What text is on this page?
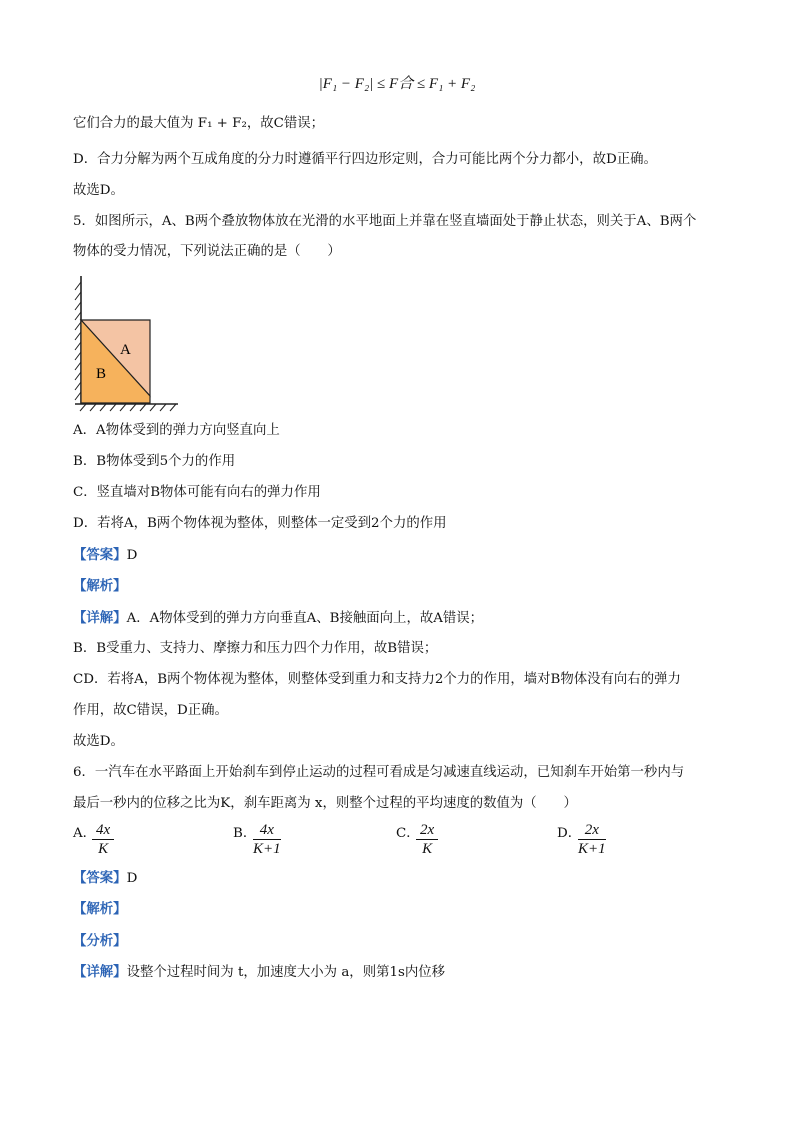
|F₁ − F₂| ≤ F合 ≤ F₁ + F₂
它们合力的最大值为 F₁ + F₂，故C错误；
D．合力分解为两个互成角度的分力时遵循平行四边形定则，合力可能比两个分力都小，故D正确。
故选D。
5．如图所示，A、B两个叠放物体放在光滑的水平地面上并靠在竖直墙面处于静止状态，则关于A、B两个
物体的受力情况，下列说法正确的是（　　）
A
B
A．A物体受到的弹力方向竖直向上
B．B物体受到5个力的作用
C．竖直墙对B物体可能有向右的弹力作用
D．若将A，B两个物体视为整体，则整体一定受到2个力的作用
【答案】D
【解析】
【详解】A．A物体受到的弹力方向垂直A、B接触面向上，故A错误；
B．B受重力、支持力、摩擦力和压力四个力作用，故B错误；
CD．若将A，B两个物体视为整体，则整体受到重力和支持力2个力的作用，墙对B物体没有向右的弹力
作用，故C错误，D正确。
故选D。
6．一汽车在水平路面上开始刹车到停止运动的过程可看成是匀减速直线运动，已知刹车开始第一秒内与
最后一秒内的位移之比为K，刹车距离为 x，则整个过程的平均速度的数值为（　　）
A．
$\frac{4x}{K}$	B．
$\frac{4x}{K+1}$	C．
$\frac{2x}{K}$	D．
$\frac{2x}{K+1}$
【答案】D
【解析】
【分析】
【详解】设整个过程时间为 t，加速度大小为 a，则第1s内位移
